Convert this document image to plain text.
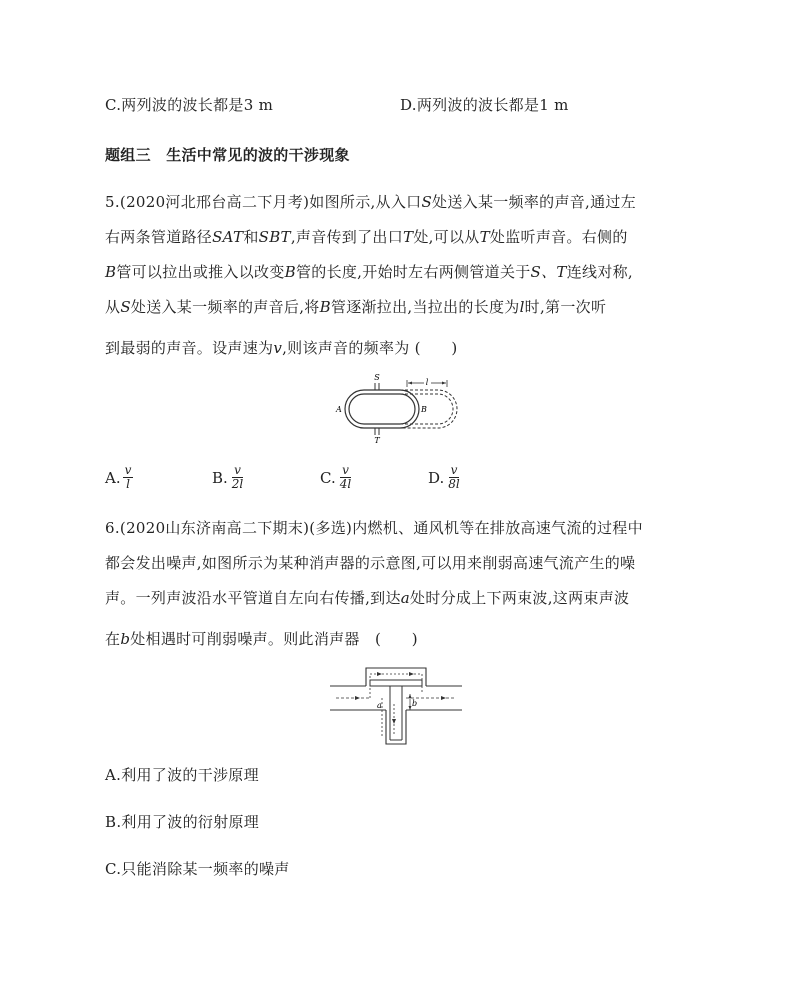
C.两列波的波长都是3 m	D.两列波的波长都是1 m
题组三　生活中常见的波的干涉现象
5.(2020河北邢台高二下月考)如图所示,从入口S处送入某一频率的声音,通过左
右两条管道路径SAT和SBT,声音传到了出口T处,可以从T处监听声音。右侧的
B管可以拉出或推入以改变B管的长度,开始时左右两侧管道关于S、T连线对称,
从S处送入某一频率的声音后,将B管逐渐拉出,当拉出的长度为l时,第一次听
到最弱的声音。设声速为v,则该声音的频率为 (　　)
S
T
A	B
l
A. $\frac{v}{l}$	B. $\frac{v}{2l}$	C. $\frac{v}{4l}$	D. $\frac{v}{8l}$
6.(2020山东济南高二下期末)(多选)内燃机、通风机等在排放高速气流的过程中
都会发出噪声,如图所示为某种消声器的示意图,可以用来削弱高速气流产生的噪
声。一列声波沿水平管道自左向右传播,到达a处时分成上下两束波,这两束声波
在b处相遇时可削弱噪声。则此消声器　(　　)
a	b
A.利用了波的干涉原理
B.利用了波的衍射原理
C.只能消除某一频率的噪声
